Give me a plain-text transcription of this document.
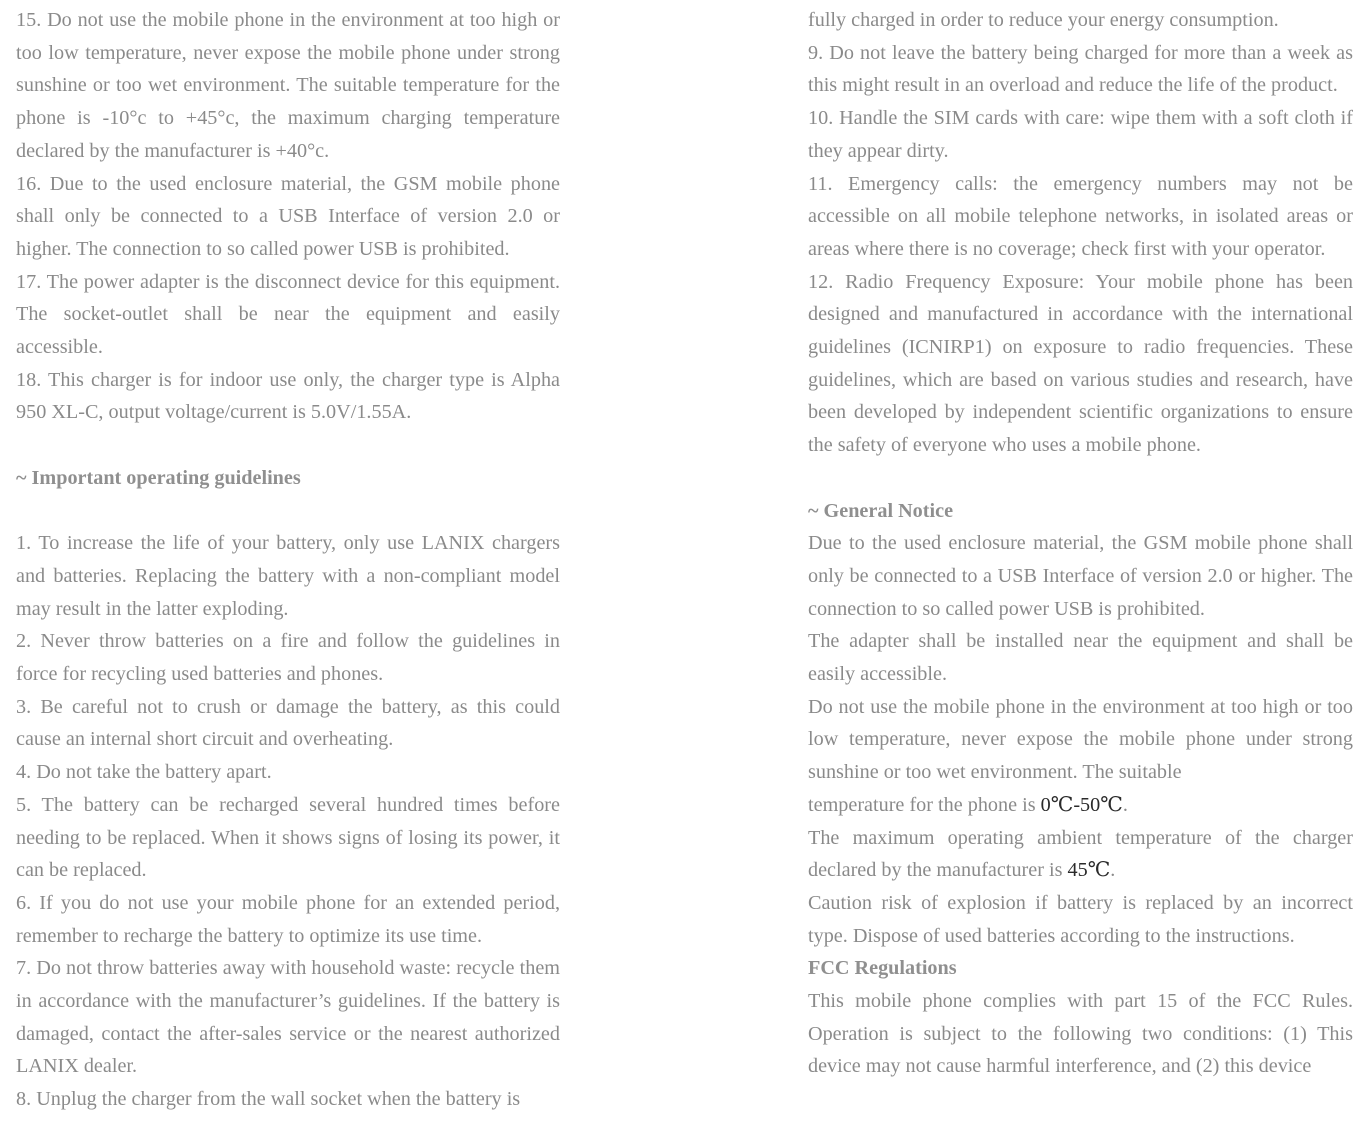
15. Do not use the mobile phone in the environment at too high or too low temperature, never expose the mobile phone under strong sunshine or too wet environment. The suitable temperature for the phone is -10°c to +45°c, the maximum charging temperature declared by the manufacturer is +40°c.

16. Due to the used enclosure material, the GSM mobile phone shall only be connected to a USB Interface of version 2.0 or higher. The connection to so called power USB is prohibited.

17. The power adapter is the disconnect device for this equipment. The socket-outlet shall be near the equipment and easily accessible.

18. This charger is for indoor use only, the charger type is Alpha 950 XL-C, output voltage/current is 5.0V/1.55A.

~ Important operating guidelines

1. To increase the life of your battery, only use LANIX chargers and batteries. Replacing the battery with a non-compliant model may result in the latter exploding.

2. Never throw batteries on a fire and follow the guidelines in force for recycling used batteries and phones.

3. Be careful not to crush or damage the battery, as this could cause an internal short circuit and overheating.

4. Do not take the battery apart.

5. The battery can be recharged several hundred times before needing to be replaced. When it shows signs of losing its power, it can be replaced.

6. If you do not use your mobile phone for an extended period, remember to recharge the battery to optimize its use time.

7. Do not throw batteries away with household waste: recycle them in accordance with the manufacturer’s guidelines. If the battery is damaged, contact the after-sales service or the nearest authorized LANIX dealer.

8. Unplug the charger from the wall socket when the battery is

fully charged in order to reduce your energy consumption.

9. Do not leave the battery being charged for more than a week as this might result in an overload and reduce the life of the product.

10. Handle the SIM cards with care: wipe them with a soft cloth if they appear dirty.

11. Emergency calls: the emergency numbers may not be accessible on all mobile telephone networks, in isolated areas or areas where there is no coverage; check first with your operator.

12. Radio Frequency Exposure: Your mobile phone has been designed and manufactured in accordance with the international guidelines (ICNIRP1) on exposure to radio frequencies. These guidelines, which are based on various studies and research, have been developed by independent scientific organizations to ensure the safety of everyone who uses a mobile phone.

~ General Notice

Due to the used enclosure material, the GSM mobile phone shall only be connected to a USB Interface of version 2.0 or higher. The connection to so called power USB is prohibited.

The adapter shall be installed near the equipment and shall be easily accessible.

Do not use the mobile phone in the environment at too high or too low temperature, never expose the mobile phone under strong sunshine or too wet environment. The suitable

temperature for the phone is 0℃-50℃.

The maximum operating ambient temperature of the charger declared by the manufacturer is 45℃.

Caution risk of explosion if battery is replaced by an incorrect type. Dispose of used batteries according to the instructions.

FCC Regulations

This mobile phone complies with part 15 of the FCC Rules. Operation is subject to the following two conditions: (1) This device may not cause harmful interference, and (2) this device
